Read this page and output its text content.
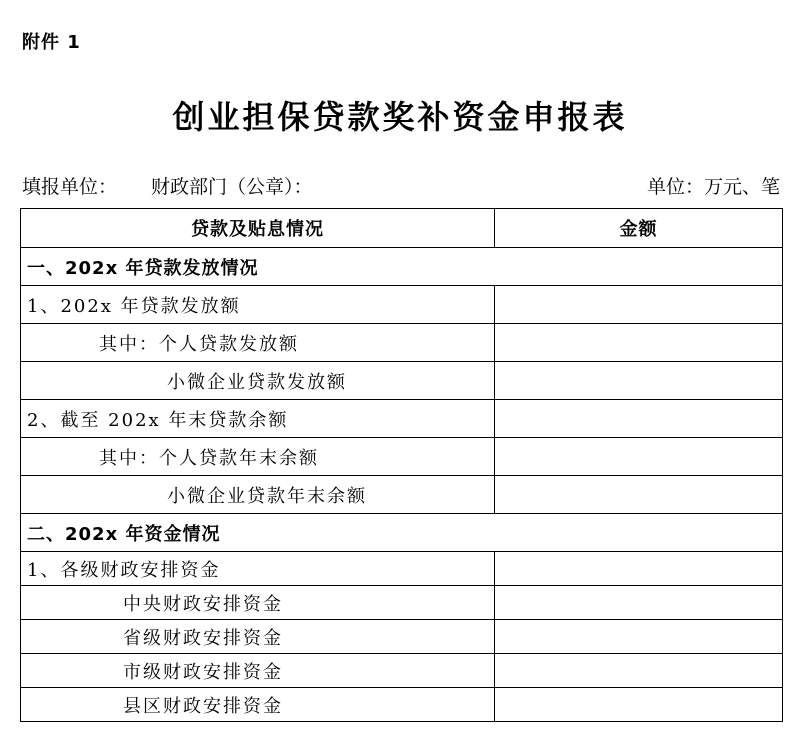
附件 1
创业担保贷款奖补资金申报表
填报单位： 财政部门（公章）：	单位：万元、笔
贷款及贴息情况	金额
一、202x 年贷款发放情况	
1、202x 年贷款发放额	
其中：个人贷款发放额	
小微企业贷款发放额	
2、截至 202x 年末贷款余额	
其中：个人贷款年末余额	
小微企业贷款年末余额	
二、202x 年资金情况	
1、各级财政安排资金	
中央财政安排资金	
省级财政安排资金	
市级财政安排资金	
县区财政安排资金	
